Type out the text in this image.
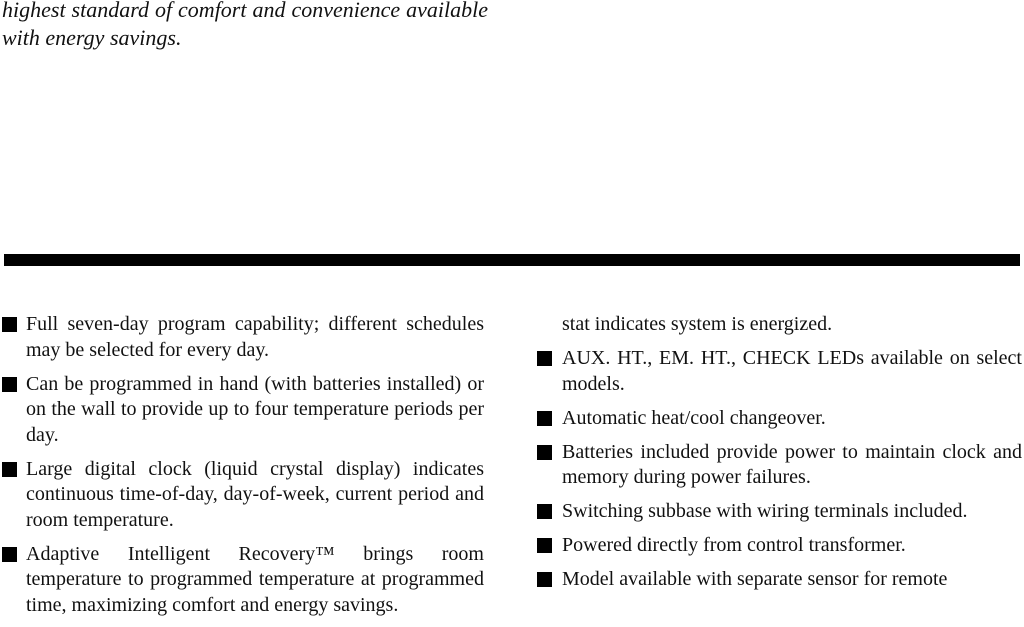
highest standard of comfort and convenience available with energy savings.

Full seven-day program capability; different schedules may be selected for every day.
Can be programmed in hand (with batteries installed) or on the wall to provide up to four temperature periods per day.
Large digital clock (liquid crystal display) indicates continuous time-of-day, day-of-week, current period and room temperature.
Adaptive Intelligent Recovery™ brings room temperature to programmed temperature at programmed time, maximizing comfort and energy savings.
stat indicates system is energized.
AUX. HT., EM. HT., CHECK LEDs available on select models.
Automatic heat/cool changeover.
Batteries included provide power to maintain clock and memory during power failures.
Switching subbase with wiring terminals included.
Powered directly from control transformer.
Model available with separate sensor for remote
